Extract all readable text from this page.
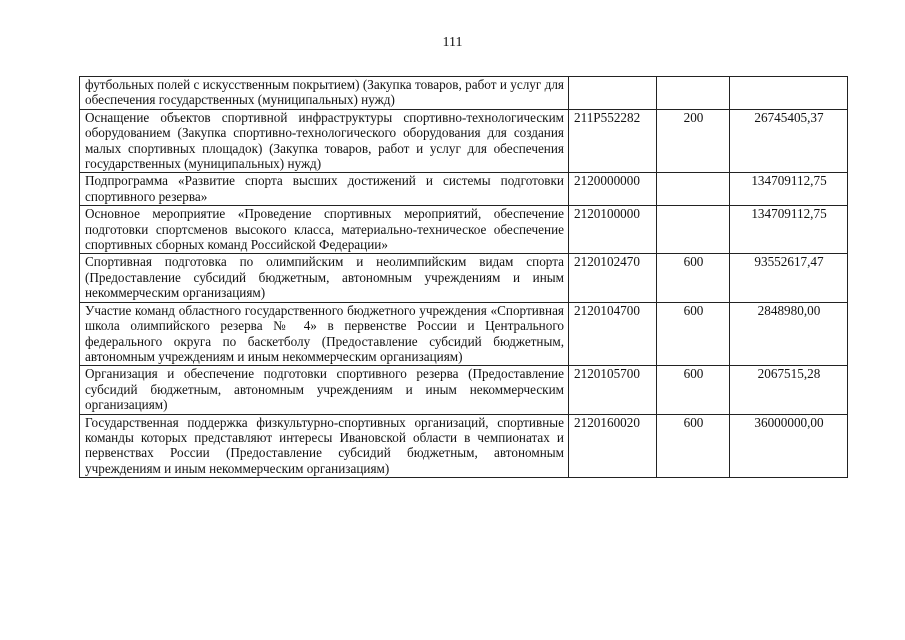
111
футбольных полей с искусственным покрытием) (Закупка товаров, работ и услуг для обеспечения государственных (муниципальных) нужд)			
Оснащение объектов спортивной инфраструктуры спортивно-технологическим оборудованием (Закупка спортивно-технологического оборудования для создания малых спортивных площадок) (Закупка товаров, работ и услуг для обеспечения государственных (муниципальных) нужд)	211Р552282	200	26745405,37
Подпрограмма «Развитие спорта высших достижений и системы подготовки спортивного резерва»	2120000000		134709112,75
Основное мероприятие «Проведение спортивных мероприятий, обеспечение подготовки спортсменов высокого класса, материально-техническое обеспечение спортивных сборных команд Российской Федерации»	2120100000		134709112,75
Спортивная подготовка по олимпийским и неолимпийским видам спорта (Предоставление субсидий бюджетным, автономным учреждениям и иным некоммерческим организациям)	2120102470	600	93552617,47
Участие команд областного государственного бюджетного учреждения «Спортивная школа олимпийского резерва № 4» в первенстве России и Центрального федерального округа по баскетболу (Предоставление субсидий бюджетным, автономным учреждениям и иным некоммерческим организациям)	2120104700	600	2848980,00
Организация и обеспечение подготовки спортивного резерва (Предоставление субсидий бюджетным, автономным учреждениям и иным некоммерческим организациям)	2120105700	600	2067515,28
Государственная поддержка физкультурно-спортивных организаций, спортивные команды которых представляют интересы Ивановской области в чемпионатах и первенствах России (Предоставление субсидий бюджетным, автономным учреждениям и иным некоммерческим организациям)	2120160020	600	36000000,00
